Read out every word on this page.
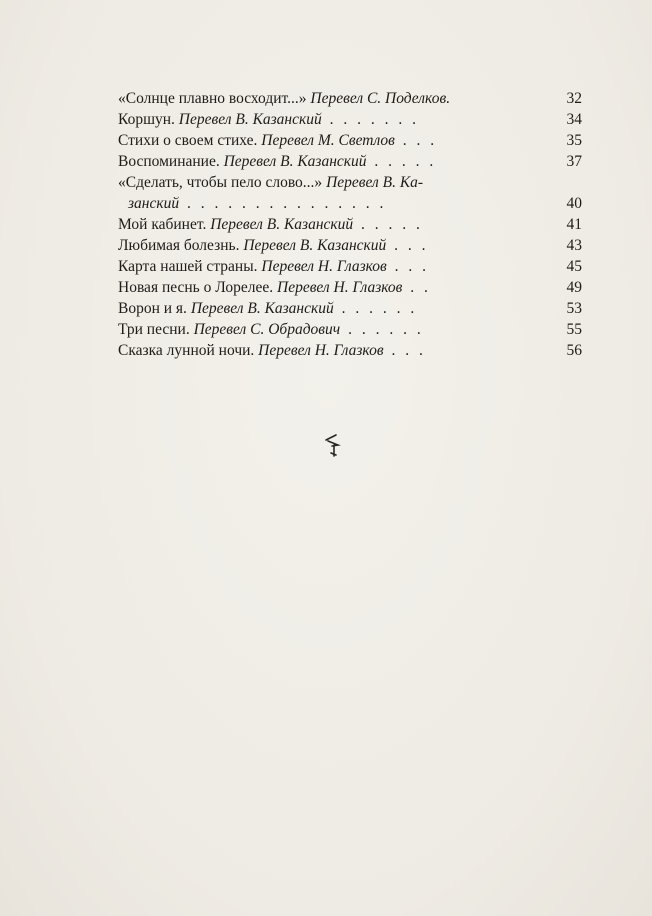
«Солнце плавно восходит...» Перевел С. Поделков.	32
Коршун. Перевел В. Казанский . . . . . . .	34
Стихи о своем стихе. Перевел М. Светлов . . .	35
Воспоминание. Перевел В. Казанский . . . . .	37
«Сделать, чтобы пело слово...» Перевел В. Ка-
занский . . . . . . . . . . . . . . .	40
Мой кабинет. Перевел В. Казанский . . . . .	41
Любимая болезнь. Перевел В. Казанский . . .	43
Карта нашей страны. Перевел Н. Глазков . . .	45
Новая песнь о Лорелее. Перевел Н. Глазков . .	49
Ворон и я. Перевел В. Казанский . . . . . .	53
Три песни. Перевел С. Обрадович . . . . . .	55
Сказка лунной ночи. Перевел Н. Глазков . . .	56
